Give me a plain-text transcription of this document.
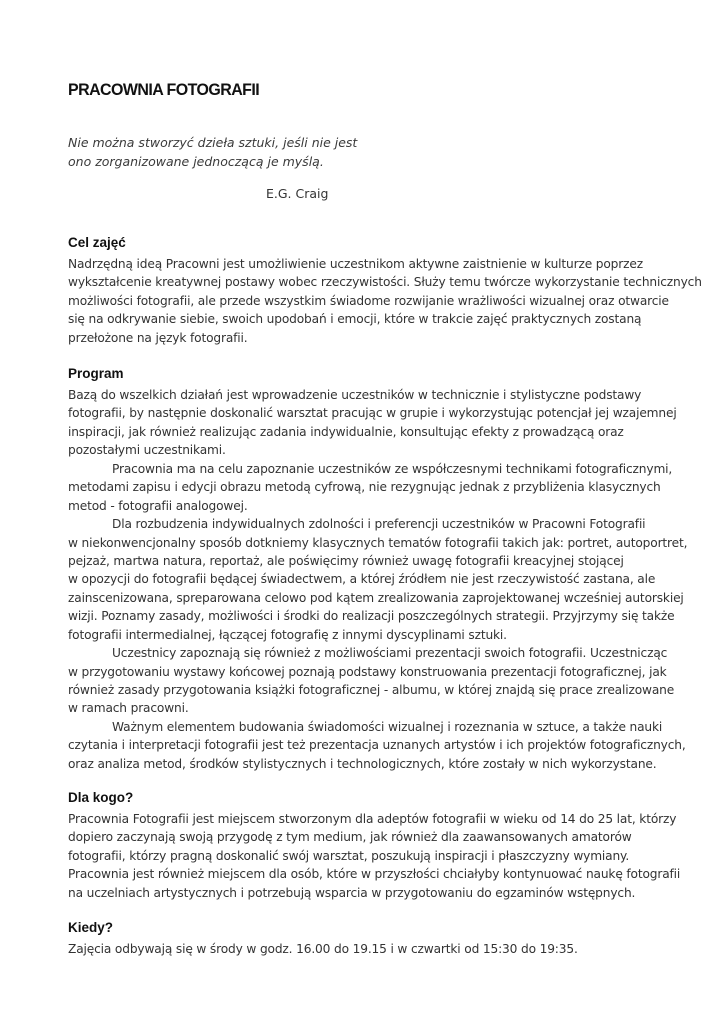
PRACOWNIA FOTOGRAFII
Nie można stworzyć dzieła sztuki, jeśli nie jest
ono zorganizowane jednoczącą je myślą.
E.G. Craig
Cel zajęć
Nadrzędną ideą Pracowni jest umożliwienie uczestnikom aktywne zaistnienie w kulturze poprzez
wykształcenie kreatywnej postawy wobec rzeczywistości. Służy temu twórcze wykorzystanie technicznych
możliwości fotografii, ale przede wszystkim świadome rozwijanie wrażliwości wizualnej oraz otwarcie
się na odkrywanie siebie, swoich upodobań i emocji, które w trakcie zajęć praktycznych zostaną
przełożone na język fotografii.
Program
Bazą do wszelkich działań jest wprowadzenie uczestników w technicznie i stylistyczne podstawy
fotografii, by następnie doskonalić warsztat pracując w grupie i wykorzystując potencjał jej wzajemnej
inspiracji, jak również realizując zadania indywidualnie, konsultując efekty z prowadzącą oraz
pozostałymi uczestnikami.
Pracownia ma na celu zapoznanie uczestników ze współczesnymi technikami fotograficznymi,
metodami zapisu i edycji obrazu metodą cyfrową, nie rezygnując jednak z przybliżenia klasycznych
metod - fotografii analogowej.
Dla rozbudzenia indywidualnych zdolności i preferencji uczestników w Pracowni Fotografii
w niekonwencjonalny sposób dotkniemy klasycznych tematów fotografii takich jak: portret, autoportret,
pejzaż, martwa natura, reportaż, ale poświęcimy również uwagę fotografii kreacyjnej stojącej
w opozycji do fotografii będącej świadectwem, a której źródłem nie jest rzeczywistość zastana, ale
zainscenizowana, spreparowana celowo pod kątem zrealizowania zaprojektowanej wcześniej autorskiej
wizji. Poznamy zasady, możliwości i środki do realizacji poszczególnych strategii. Przyjrzymy się także
fotografii intermedialnej, łączącej fotografię z innymi dyscyplinami sztuki.
Uczestnicy zapoznają się również z możliwościami prezentacji swoich fotografii. Uczestnicząc
w przygotowaniu wystawy końcowej poznają podstawy konstruowania prezentacji fotograficznej, jak
również zasady przygotowania książki fotograficznej - albumu, w której znajdą się prace zrealizowane
w ramach pracowni.
Ważnym elementem budowania świadomości wizualnej i rozeznania w sztuce, a także nauki
czytania i interpretacji fotografii jest też prezentacja uznanych artystów i ich projektów fotograficznych,
oraz analiza metod, środków stylistycznych i technologicznych, które zostały w nich wykorzystane.
Dla kogo?
Pracownia Fotografii jest miejscem stworzonym dla adeptów fotografii w wieku od 14 do 25 lat, którzy
dopiero zaczynają swoją przygodę z tym medium, jak również dla zaawansowanych amatorów
fotografii, którzy pragną doskonalić swój warsztat, poszukują inspiracji i płaszczyzny wymiany.
Pracownia jest również miejscem dla osób, które w przyszłości chciałyby kontynuować naukę fotografii
na uczelniach artystycznych i potrzebują wsparcia w przygotowaniu do egzaminów wstępnych.
Kiedy?
Zajęcia odbywają się w środy w godz. 16.00 do 19.15 i w czwartki od 15:30 do 19:35.
